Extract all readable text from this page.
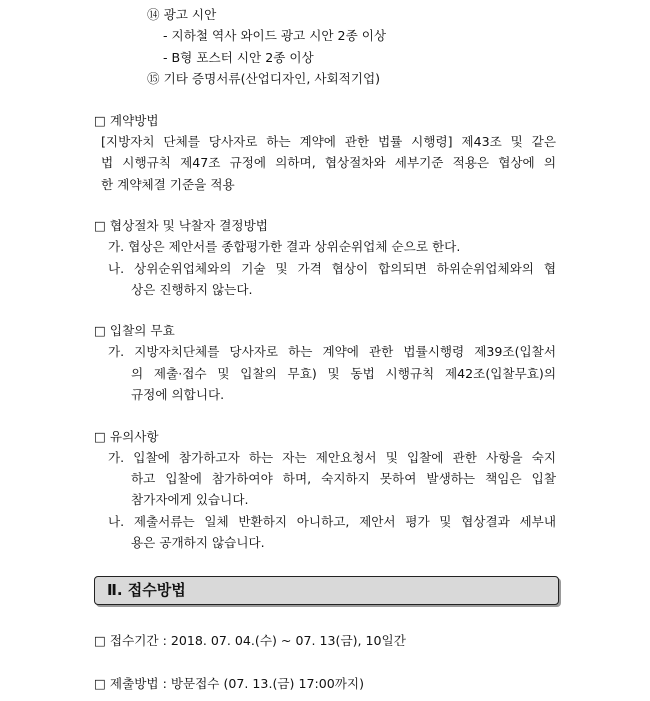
⑭ 광고 시안
- 지하철 역사 와이드 광고 시안 2종 이상
- B형 포스터 시안 2종 이상
⑮ 기타 증명서류(산업디자인, 사회적기업)
□ 계약방법
[지방자치 단체를 당사자로 하는 계약에 관한 법률 시행령] 제43조 및 같은
법 시행규칙 제47조 규정에 의하며, 협상절차와 세부기준 적용은 협상에 의
한 계약체결 기준을 적용
□ 협상절차 및 낙찰자 결정방법
가. 협상은 제안서를 종합평가한 결과 상위순위업체 순으로 한다.
나. 상위순위업체와의 기술 및 가격 협상이 합의되면 하위순위업체와의 협
상은 진행하지 않는다.
□ 입찰의 무효
가. 지방자치단체를 당사자로 하는 계약에 관한 법률시행령 제39조(입찰서
의 제출·접수 및 입찰의 무효) 및 동법 시행규칙 제42조(입찰무효)의
규정에 의합니다.
□ 유의사항
가. 입찰에 참가하고자 하는 자는 제안요청서 및 입찰에 관한 사항을 숙지
하고 입찰에 참가하여야 하며, 숙지하지 못하여 발생하는 책임은 입찰
참가자에게 있습니다.
나. 제출서류는 일체 반환하지 아니하고, 제안서 평가 및 협상결과 세부내
용은 공개하지 않습니다.
Ⅱ. 접수방법
□ 접수기간 : 2018. 07. 04.(수) ~ 07. 13(금), 10일간
□ 제출방법 : 방문접수 (07. 13.(금) 17:00까지)
